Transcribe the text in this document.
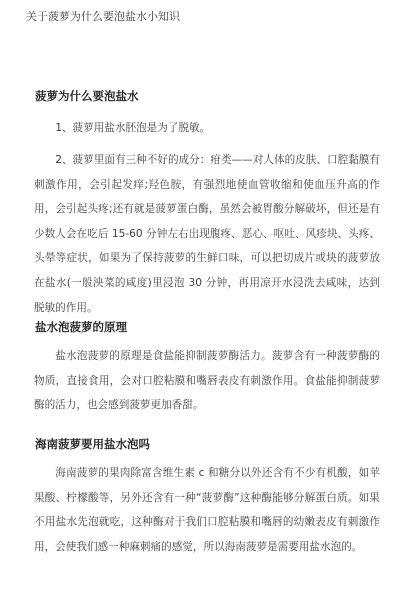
关于菠萝为什么要泡盐水小知识
菠萝为什么要泡盐水

1、菠萝用盐水胚泡是为了脱敏。

2、菠萝里面有三种不好的成分：疳类——对人体的皮肤、口腔黏膜有刺激作用，会引起发痒;羟色胺，有强烈地使血管收缩和使血压升高的作用，会引起头疼;还有就是菠萝蛋白酶，虽然会被胃酸分解破坏，但还是有少数人会在吃后 15-60 分钟左右出现腹疼、恶心、呕吐、风疹块、头疼、头晕等症状，如果为了保持菠萝的生鲜口味，可以把切成片或块的菠萝放在盐水(一般泱菜的咸度)里浸泡 30 分钟，再用凉开水浸洗去咸味，达到脱敏的作用。

盐水泡菠萝的原理

盐水泡菠萝的原理是食盐能抑制菠萝酶活力。菠萝含有一种菠萝酶的物质，直接食用，会对口腔粘膜和嘴唇表皮有刺激作用。食盐能抑制菠萝酶的活力，也会感到菠萝更加香甜。

海南菠萝要用盐水泡吗

海南菠萝的果肉除富含维生素 c 和糖分以外还含有不少有机酸，如苹果酸、柠檬酸等，另外还含有一种“菠萝酶”这种酶能够分解蛋白质。如果不用盐水先泡就吃，这种酶对于我们口腔粘膜和嘴唇的幼嫩表皮有刺激作用，会使我们感一种麻刺痛的感觉，所以海南菠萝是需要用盐水泡的。
